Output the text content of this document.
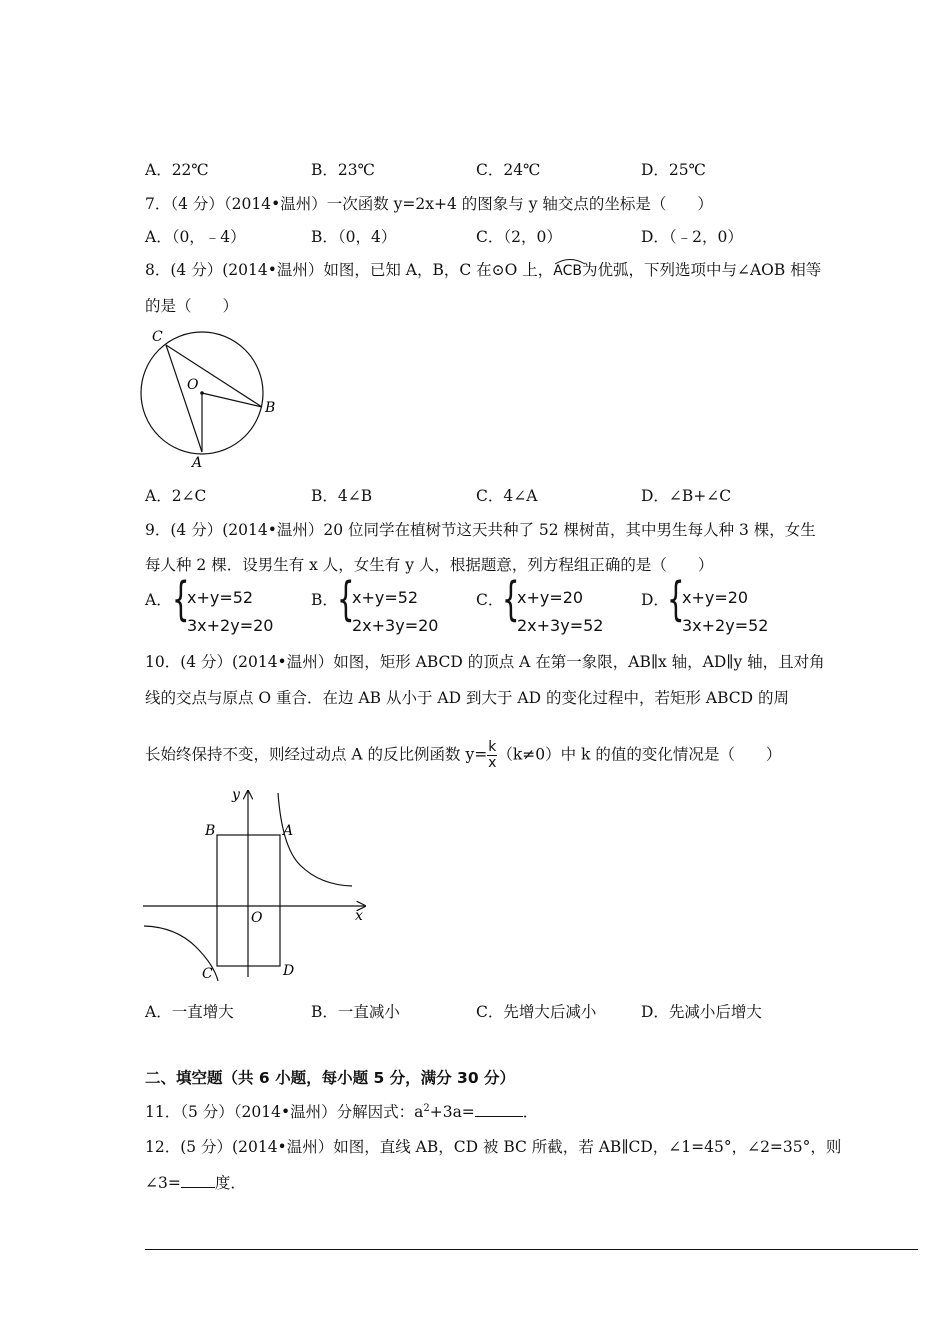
A．22℃	B．23℃	C．24℃	D．25℃
7．（4 分）（2014•温州）一次函数 y=2x+4 的图象与 y 轴交点的坐标是（　　）
A．（0，﹣4）	B．（0，4）	C．（2，0）	D．（﹣2，0）
8．(4 分）(2014•温州）如图，已知 A，B，C 在⊙O 上，
ACB为优弧，下列选项中与∠AOB 相等
的是（　　）
C
O
B
A
A．2∠C	B．4∠B	C．4∠A	D．∠B+∠C
9．(4 分）(2014•温州）20 位同学在植树节这天共种了 52 棵树苗，其中男生每人种 3 棵，女生
每人种 2 棵．设男生有 x 人，女生有 y 人，根据题意，列方程组正确的是（　　）
A． {
x+y=52
3x+2y=20
B． {
x+y=52
2x+3y=20
C．
{
x+y=20
2x+3y=52
D．
{
x+y=20
3x+2y=52
10．(4 分）(2014•温州）如图，矩形 ABCD 的顶点 A 在第一象限，AB∥x 轴，AD∥y 轴，且对角
线的交点与原点 O 重合．在边 AB 从小于 AD 到大于 AD 的变化过程中，若矩形 ABCD 的周
长始终保持不变，则经过动点 A 的反比例函数 $y= \frac{k}{x} (k\ne 0)$中 k 的值的变化情况是（　　）
y
B	A
O	x
C	D
A．一直增大	B．一直减小	C．先增大后减小	D．先减小后增大
二、填空题（共 6 小题，每小题 5 分，满分 30 分）
11．（5 分）（2014•温州）分解因式：$a^2+3a=$	．
12．(5 分）(2014•温州）如图，直线 AB，CD 被 BC 所截，若 AB∥CD，∠1=45°，∠2=35°，则
∠3= 度．
